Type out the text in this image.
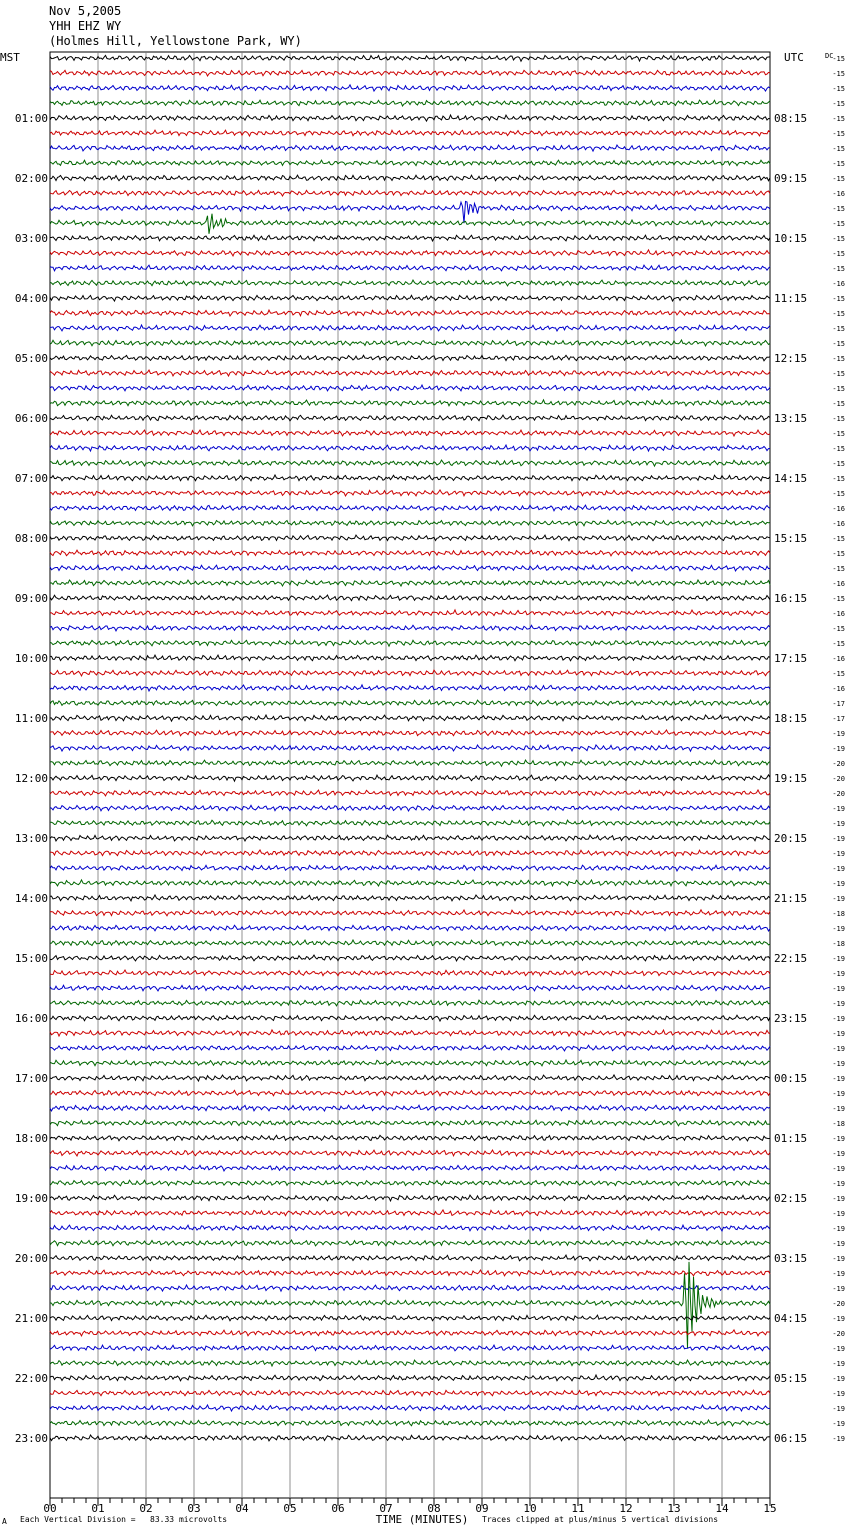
Nov 5,2005
YHH EHZ WY
(Holmes Hill, Yellowstone Park, WY)
-15
-15
-15
-15
-15
-15
-15
-15
-15
-16
-15
-15
-15
-15
-15
-16
-15
-15
-15
-15
-15
-15
-15
-15
-15
-15
-15
-15
-15
-15
-16
-16
-15
-15
-15
-16
-15
-16
-15
-15
-16
-15
-16
-17
-17
-19
-19
-20
-20
-20
-19
-19
-19
-19
-19
-19
-19
-18
-19
-18
-19
-19
-19
-19
-19
-19
-19
-19
-19
-19
-19
-18
-19
-19
-19
-19
-19
-19
-19
-19
-19
-19
-19
-20
-19
-20
-19
-19
-19
-19
-19
-19
-19
01:00
02:00
03:00
04:00
05:00
06:00
07:00
08:00
09:00
10:00
11:00
12:00
13:00
14:00
15:00
16:00
17:00
18:00
19:00
20:00
21:00
22:00
23:00
08:15
09:15
10:15
11:15
12:15
13:15
14:15
15:15
16:15
17:15
18:15
19:15
20:15
21:15
22:15
23:15
00:15
01:15
02:15
03:15
04:15
05:15
06:15
MST	UTC	DC
00	01	02	03	04	05	06	07	08	09	10	11	12	13	14	15
TIME (MINUTES)
A Each Vertical Division =   83.33 microvolts	Traces clipped at plus/minus 5 vertical divisions
